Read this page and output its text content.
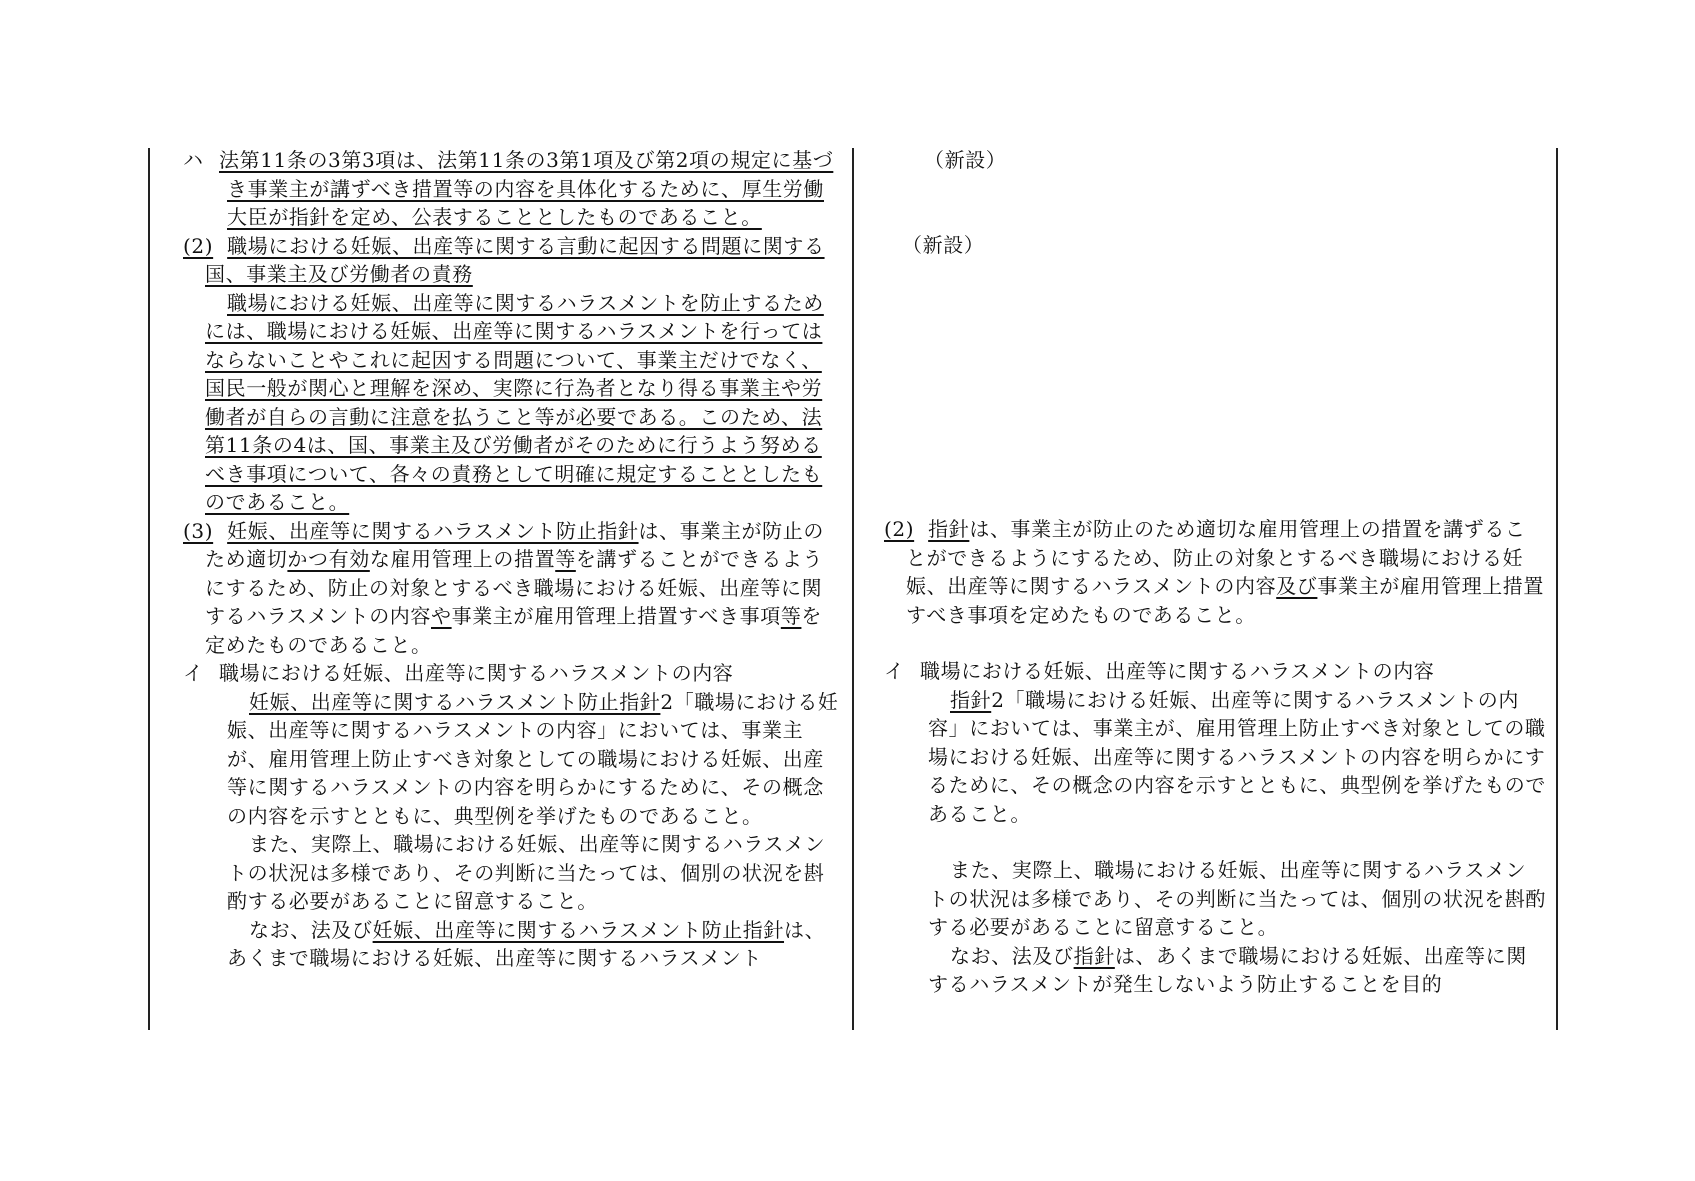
ハ 法第11条の3第3項は、法第11条の3第1項及び第2項の規定に基づき事業主が講ずべき措置等の内容を具体化するために、厚生労働大臣が指針を定め、公表することとしたものであること。

(2) 職場における妊娠、出産等に関する言動に起因する問題に関する国、事業主及び労働者の責務

職場における妊娠、出産等に関するハラスメントを防止するためには、職場における妊娠、出産等に関するハラスメントを行ってはならないことやこれに起因する問題について、事業主だけでなく、国民一般が関心と理解を深め、実際に行為者となり得る事業主や労働者が自らの言動に注意を払うこと等が必要である。このため、法第11条の4は、国、事業主及び労働者がそのために行うよう努めるべき事項について、各々の責務として明確に規定することとしたものであること。

(3) 妊娠、出産等に関するハラスメント防止指針は、事業主が防止のため適切かつ有効な雇用管理上の措置等を講ずることができるようにするため、防止の対象とするべき職場における妊娠、出産等に関するハラスメントの内容や事業主が雇用管理上措置すべき事項等を定めたものであること。

イ 職場における妊娠、出産等に関するハラスメントの内容

妊娠、出産等に関するハラスメント防止指針2「職場における妊娠、出産等に関するハラスメントの内容」においては、事業主が、雇用管理上防止すべき対象としての職場における妊娠、出産等に関するハラスメントの内容を明らかにするために、その概念の内容を示すとともに、典型例を挙げたものであること。

また、実際上、職場における妊娠、出産等に関するハラスメントの状況は多様であり、その判断に当たっては、個別の状況を斟酌する必要があることに留意すること。

なお、法及び妊娠、出産等に関するハラスメント防止指針は、あくまで職場における妊娠、出産等に関するハラスメント

（新設）

（新設）

(2) 指針は、事業主が防止のため適切な雇用管理上の措置を講ずることができるようにするため、防止の対象とするべき職場における妊娠、出産等に関するハラスメントの内容及び事業主が雇用管理上措置すべき事項を定めたものであること。

イ 職場における妊娠、出産等に関するハラスメントの内容

指針2「職場における妊娠、出産等に関するハラスメントの内容」においては、事業主が、雇用管理上防止すべき対象としての職場における妊娠、出産等に関するハラスメントの内容を明らかにするために、その概念の内容を示すとともに、典型例を挙げたものであること。

また、実際上、職場における妊娠、出産等に関するハラスメントの状況は多様であり、その判断に当たっては、個別の状況を斟酌する必要があることに留意すること。

なお、法及び指針は、あくまで職場における妊娠、出産等に関するハラスメントが発生しないよう防止することを目的
